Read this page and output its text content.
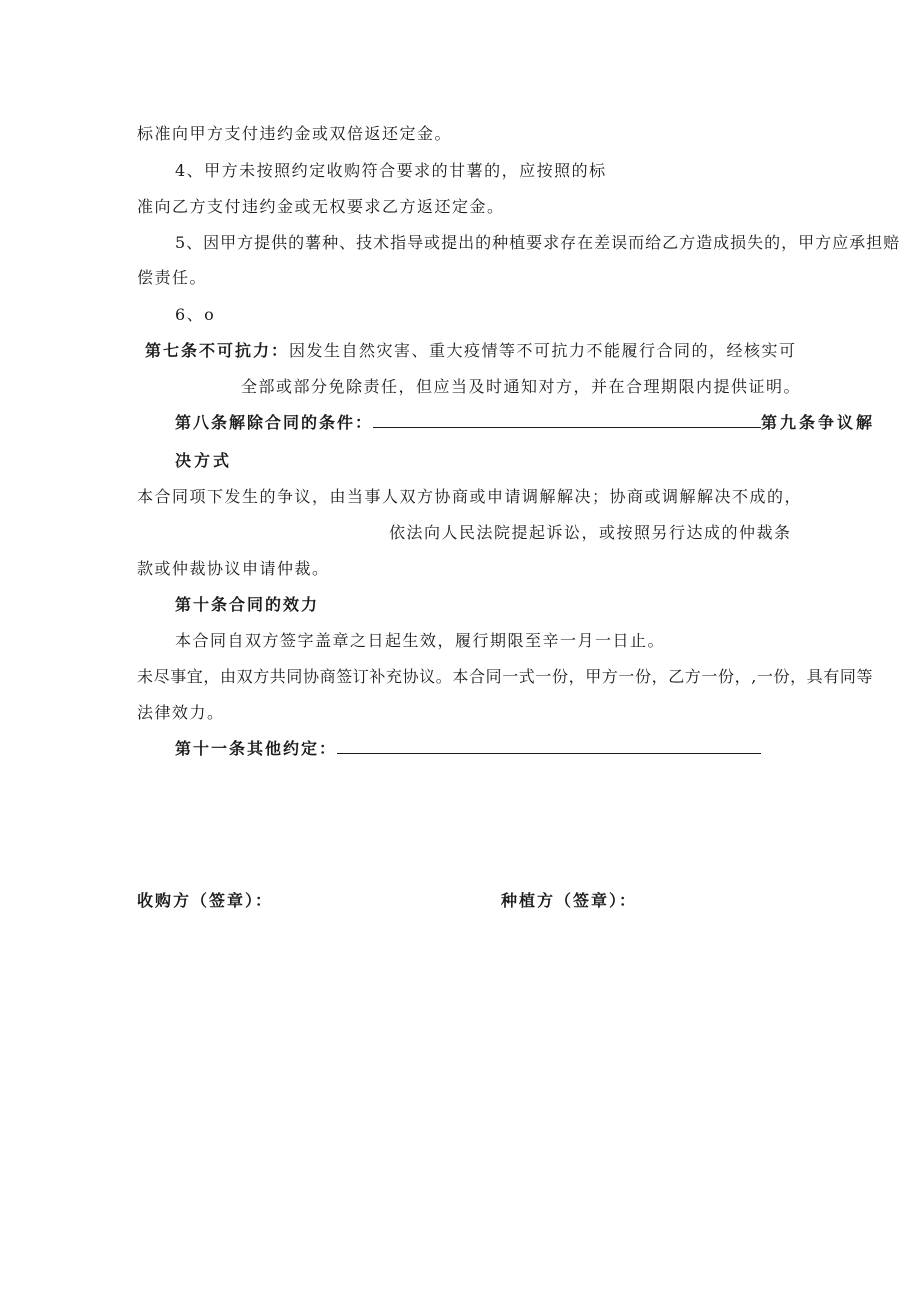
标准向甲方支付违约金或双倍返还定金。
4、甲方未按照约定收购符合要求的甘薯的，应按照的标
准向乙方支付违约金或无权要求乙方返还定金。
5、因甲方提供的薯种、技术指导或提出的种植要求存在差误而给乙方造成损失的，甲方应承担赔
偿责任。
6、o
第七条不可抗力：因发生自然灾害、重大疫情等不可抗力不能履行合同的，经核实可
全部或部分免除责任，但应当及时通知对方，并在合理期限内提供证明。
第八条解除合同的条件：	第九条争议解
决方式
本合同项下发生的争议，由当事人双方协商或申请调解解决；协商或调解解决不成的，
依法向人民法院提起诉讼，或按照另行达成的仲裁条
款或仲裁协议申请仲裁。
第十条合同的效力
本合同自双方签字盖章之日起生效，履行期限至辛一月一日止。
未尽事宜，由双方共同协商签订补充协议。本合同一式一份，甲方一份，乙方一份，,一份，具有同等
法律效力。
第十一条其他约定：
收购方（签章）：	种植方（签章）：
